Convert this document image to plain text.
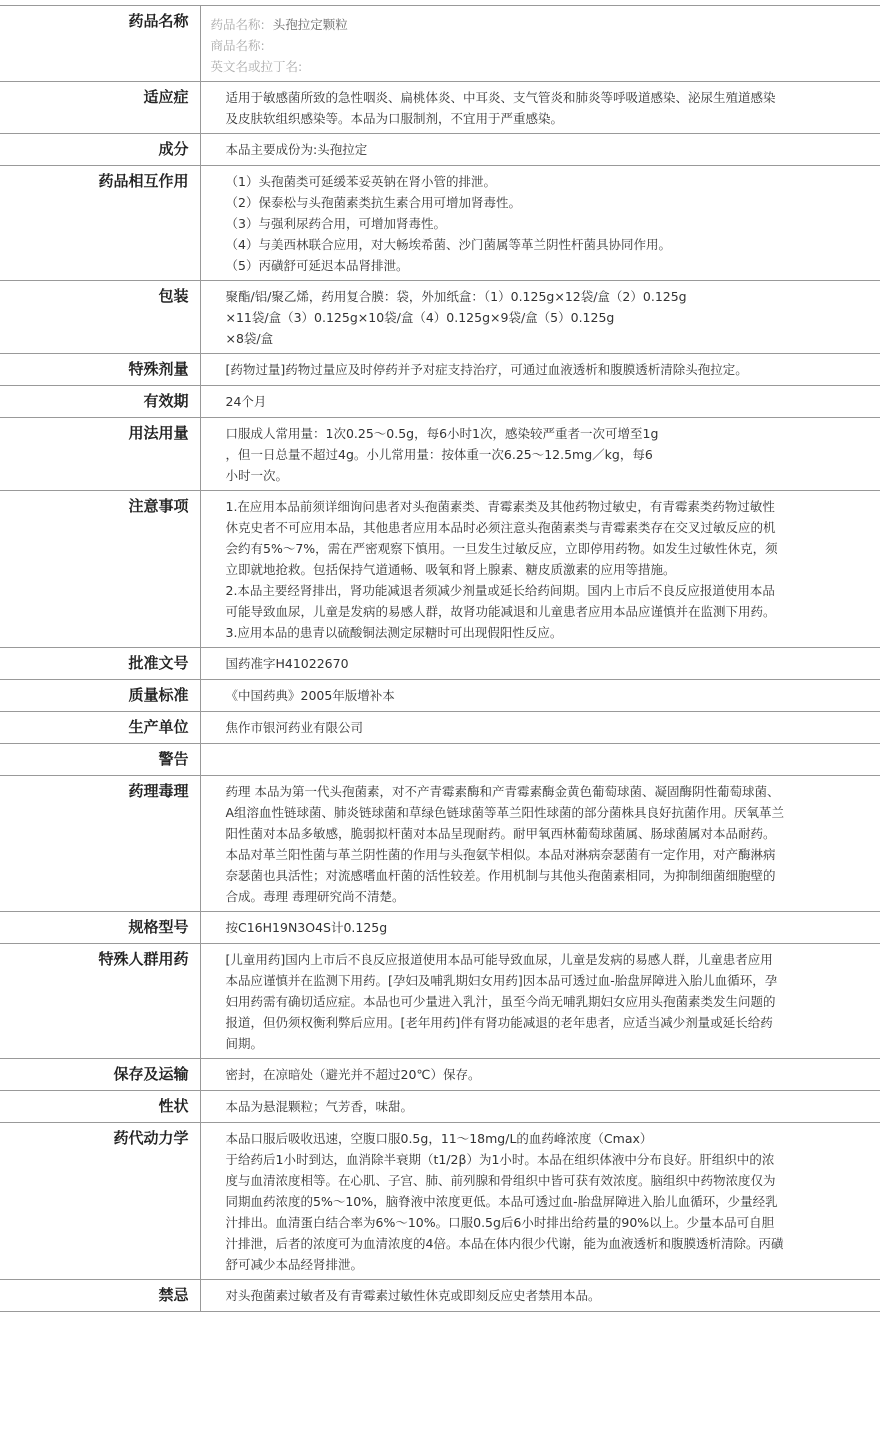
药品名称	药品名称: 头孢拉定颗粒
商品名称:
英文名或拉丁名:

适应症	适用于敏感菌所致的急性咽炎、扁桃体炎、中耳炎、支气管炎和肺炎等呼吸道感染、泌尿生殖道感染及皮肤软组织感染等。本品为口服制剂，不宜用于严重感染。

成分	本品主要成份为:头孢拉定

药品相互作用	（1）头孢菌类可延缓苯妥英钠在肾小管的排泄。

（2）保泰松与头孢菌素类抗生素合用可增加肾毒性。

（3）与强利尿药合用，可增加肾毒性。

（4）与美西林联合应用，对大畅埃希菌、沙门菌属等革兰阴性杆菌具协同作用。

（5）丙磺舒可延迟本品肾排泄。

包装	聚酯/铝/聚乙烯，药用复合膜：袋，外加纸盒：（1）0.125g×12袋/盒（2）0.125g

×11袋/盒（3）0.125g×10袋/盒（4）0.125g×9袋/盒（5）0.125g

×8袋/盒

特殊剂量	[药物过量]药物过量应及时停药并予对症支持治疗，可通过血液透析和腹膜透析清除头孢拉定。

有效期	24个月

用法用量	口服成人常用量：1次0.25～0.5g，每6小时1次，感染较严重者一次可增至1g

，但一日总量不超过4g。小儿常用量：按体重一次6.25～12.5mg／kg，每6

小时一次。

注意事项	1.在应用本品前须详细询问患者对头孢菌素类、青霉素类及其他药物过敏史，有青霉素类药物过敏性休克史者不可应用本品，其他患者应用本品时必须注意头孢菌素类与青霉素类存在交叉过敏反应的机会约有5%～7%，需在严密观察下慎用。一旦发生过敏反应，立即停用药物。如发生过敏性休克，须立即就地抢救。包括保持气道通畅、吸氧和肾上腺素、糖皮质激素的应用等措施。

2.本品主要经肾排出，肾功能减退者须减少剂量或延长给药间期。国内上市后不良反应报道使用本品可能导致血尿，儿童是发病的易感人群，故肾功能减退和儿童患者应用本品应谨慎并在监测下用药。

3.应用本品的患青以硫酸铜法测定尿糖时可出现假阳性反应。

批准文号	国药准字H41022670

质量标准	《中国药典》2005年版增补本

生产单位	焦作市银河药业有限公司

警告	
药理毒理	药理 本品为第一代头孢菌素，对不产青霉素酶和产青霉素酶金黄色葡萄球菌、凝固酶阴性葡萄球菌、A组溶血性链球菌、肺炎链球菌和草绿色链球菌等革兰阳性球菌的部分菌株具良好抗菌作用。厌氧革兰阳性菌对本品多敏感，脆弱拟杆菌对本品呈现耐药。耐甲氧西林葡萄球菌属、肠球菌属对本品耐药。本品对革兰阳性菌与革兰阴性菌的作用与头孢氨苄相似。本品对淋病奈瑟菌有一定作用，对产酶淋病奈瑟菌也具活性；对流感嗜血杆菌的活性较差。作用机制与其他头孢菌素相同，为抑制细菌细胞壁的合成。毒理 毒理研究尚不清楚。

规格型号	按C16H19N3O4S计0.125g

特殊人群用药	[儿童用药]国内上市后不良反应报道使用本品可能导致血尿，儿童是发病的易感人群，儿童患者应用本品应谨慎并在监测下用药。[孕妇及哺乳期妇女用药]因本品可透过血-胎盘屏障进入胎儿血循环，孕妇用药需有确切适应症。本品也可少量进入乳汁，虽至今尚无哺乳期妇女应用头孢菌素类发生问题的报道，但仍须权衡利弊后应用。[老年用药]伴有肾功能减退的老年患者，应适当减少剂量或延长给药间期。

保存及运输	密封，在凉暗处（避光并不超过20℃）保存。

性状	本品为悬混颗粒；气芳香，味甜。

药代动力学	本品口服后吸收迅速，空腹口服0.5g，11～18mg/L的血药峰浓度（Cmax）

于给药后1小时到达，血消除半衰期（t1/2β）为1小时。本品在组织体液中分布良好。肝组织中的浓度与血清浓度相等。在心肌、子宫、肺、前列腺和骨组织中皆可获有效浓度。脑组织中药物浓度仅为同期血药浓度的5%～10%，脑脊液中浓度更低。本品可透过血-胎盘屏障进入胎儿血循环，少量经乳汁排出。血清蛋白结合率为6%～10%。口服0.5g后6小时排出给药量的90%以上。少量本品可自胆汁排泄，后者的浓度可为血清浓度的4倍。本品在体内很少代谢，能为血液透析和腹膜透析清除。丙磺舒可减少本品经肾排泄。

禁忌	对头孢菌素过敏者及有青霉素过敏性休克或即刻反应史者禁用本品。
